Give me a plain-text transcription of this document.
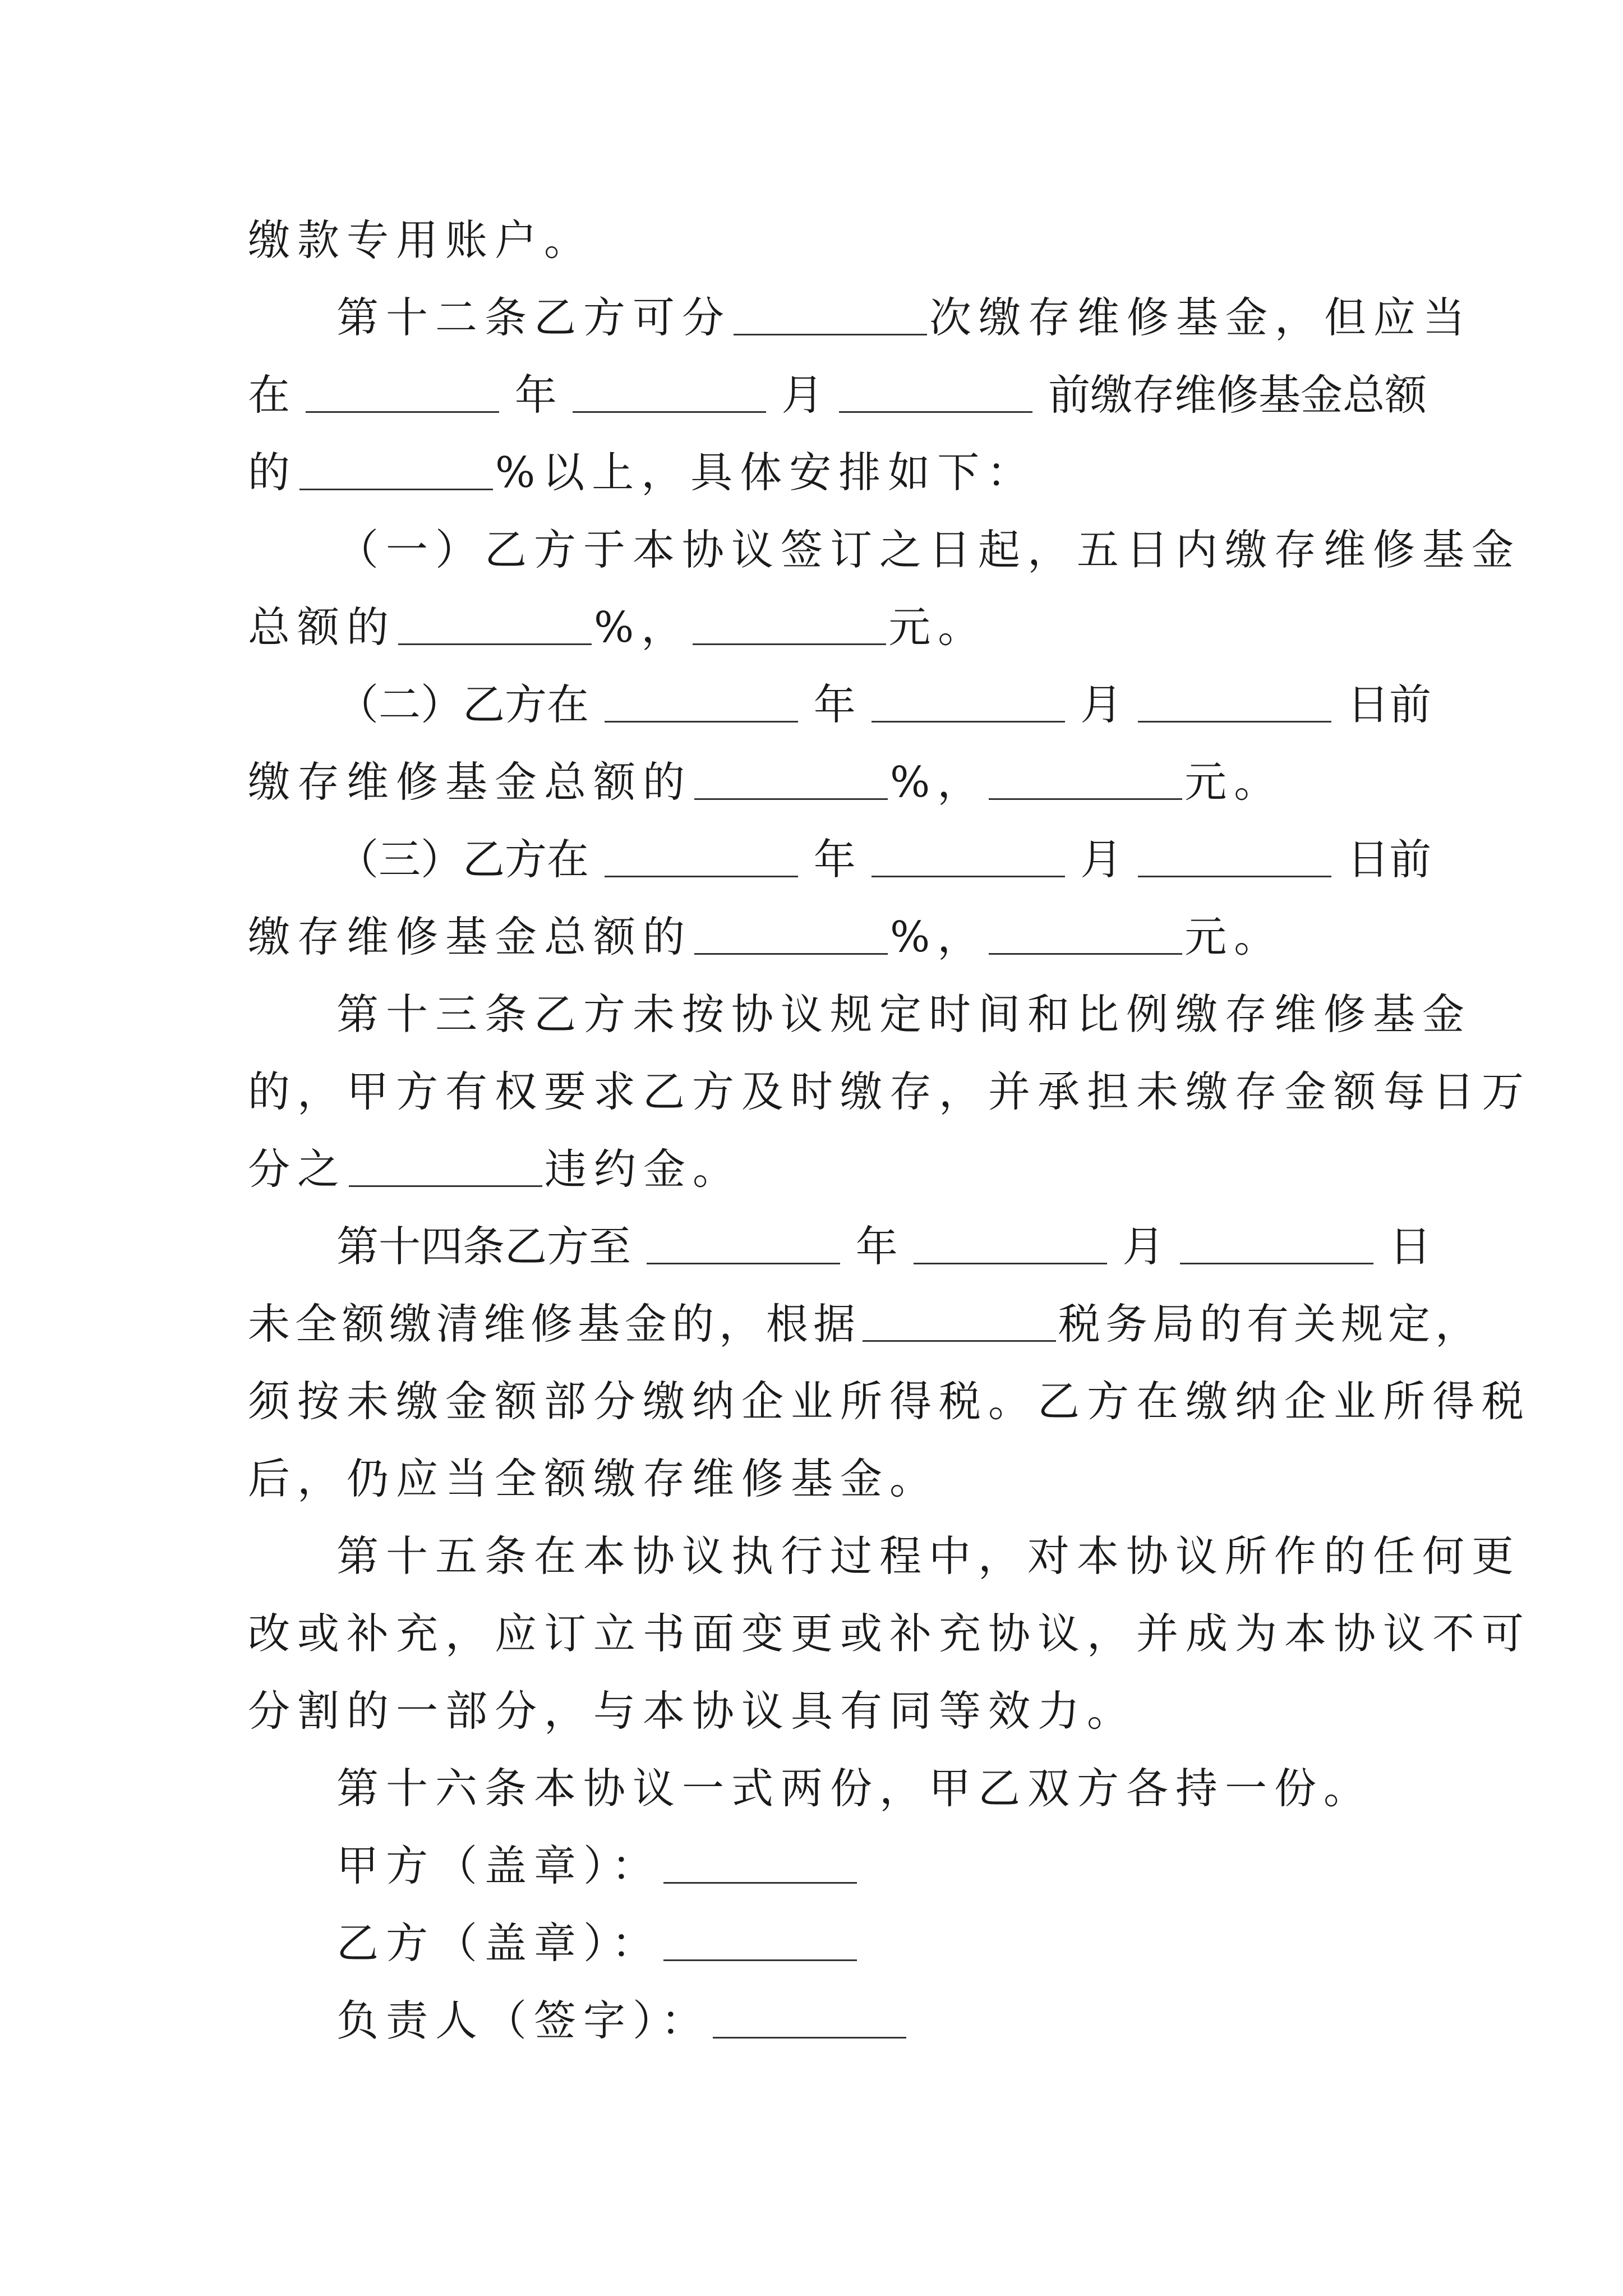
缴款专用账户。
第十二条乙方可分	次缴存维修基金，但应当
在	年	月	前缴存维修基金总额
的	%以上，具体安排如下：
（一）乙方于本协议签订之日起，五日内缴存维修基金
总额的	%，	元。
（二）乙方在	年	月	日前
缴存维修基金总额的	%，	元。
（三）乙方在	年	月	日前
缴存维修基金总额的	%，	元。
第十三条乙方未按协议规定时间和比例缴存维修基金
的，甲方有权要求乙方及时缴存，并承担未缴存金额每日万
分之	违约金。
第十四条乙方至	年	月	日
未全额缴清维修基金的，根据	税务局的有关规定，
须按未缴金额部分缴纳企业所得税。乙方在缴纳企业所得税
后，仍应当全额缴存维修基金。
第十五条在本协议执行过程中，对本协议所作的任何更
改或补充，应订立书面变更或补充协议，并成为本协议不可
分割的一部分，与本协议具有同等效力。
第十六条本协议一式两份，甲乙双方各持一份。
甲方（盖章）：
乙方（盖章）：
负责人（签字）：
